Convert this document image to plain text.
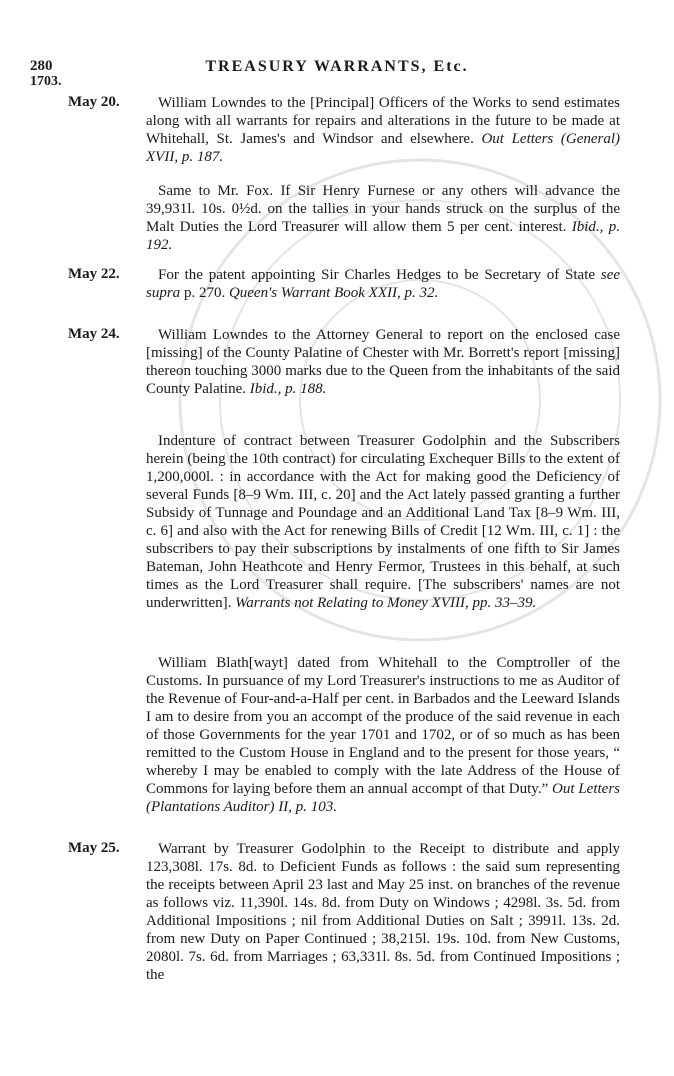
280
1703.
TREASURY WARRANTS, Etc.
May 20.	William Lowndes to the [Principal] Officers of the Works to send estimates along with all warrants for repairs and alterations in the future to be made at Whitehall, St. James's and Windsor and elsewhere. Out Letters (General) XVII, p. 187.

Same to Mr. Fox. If Sir Henry Furnese or any others will advance the 39,931l. 10s. 0½d. on the tallies in your hands struck on the surplus of the Malt Duties the Lord Treasurer will allow them 5 per cent. interest. Ibid., p. 192.

May 22.	For the patent appointing Sir Charles Hedges to be Secretary of State see supra p. 270. Queen's Warrant Book XXII, p. 32.

May 24.	William Lowndes to the Attorney General to report on the enclosed case [missing] of the County Palatine of Chester with Mr. Borrett's report [missing] thereon touching 3000 marks due to the Queen from the inhabitants of the said County Palatine. Ibid., p. 188.

Indenture of contract between Treasurer Godolphin and the Subscribers herein (being the 10th contract) for circulating Exchequer Bills to the extent of 1,200,000l. : in accordance with the Act for making good the Deficiency of several Funds [8–9 Wm. III, c. 20] and the Act lately passed granting a further Subsidy of Tunnage and Poundage and an Additional Land Tax [8–9 Wm. III, c. 6] and also with the Act for renewing Bills of Credit [12 Wm. III, c. 1] : the subscribers to pay their subscriptions by instalments of one fifth to Sir James Bateman, John Heathcote and Henry Fermor, Trustees in this behalf, at such times as the Lord Treasurer shall require. [The subscribers' names are not underwritten]. Warrants not Relating to Money XVIII, pp. 33–39.

William Blath[wayt] dated from Whitehall to the Comptroller of the Customs. In pursuance of my Lord Treasurer's instructions to me as Auditor of the Revenue of Four-and-a-Half per cent. in Barbados and the Leeward Islands I am to desire from you an accompt of the produce of the said revenue in each of those Governments for the year 1701 and 1702, or of so much as has been remitted to the Custom House in England and to the present for those years, “ whereby I may be enabled to comply with the late Address of the House of Commons for laying before them an annual accompt of that Duty.” Out Letters (Plantations Auditor) II, p. 103.

May 25.	Warrant by Treasurer Godolphin to the Receipt to distribute and apply 123,308l. 17s. 8d. to Deficient Funds as follows : the said sum representing the receipts between April 23 last and May 25 inst. on branches of the revenue as follows viz. 11,390l. 14s. 8d. from Duty on Windows ; 4298l. 3s. 5d. from Additional Impositions ; nil from Additional Duties on Salt ; 3991l. 13s. 2d. from new Duty on Paper Continued ; 38,215l. 19s. 10d. from New Customs, 2080l. 7s. 6d. from Marriages ; 63,331l. 8s. 5d. from Continued Impositions ; the
